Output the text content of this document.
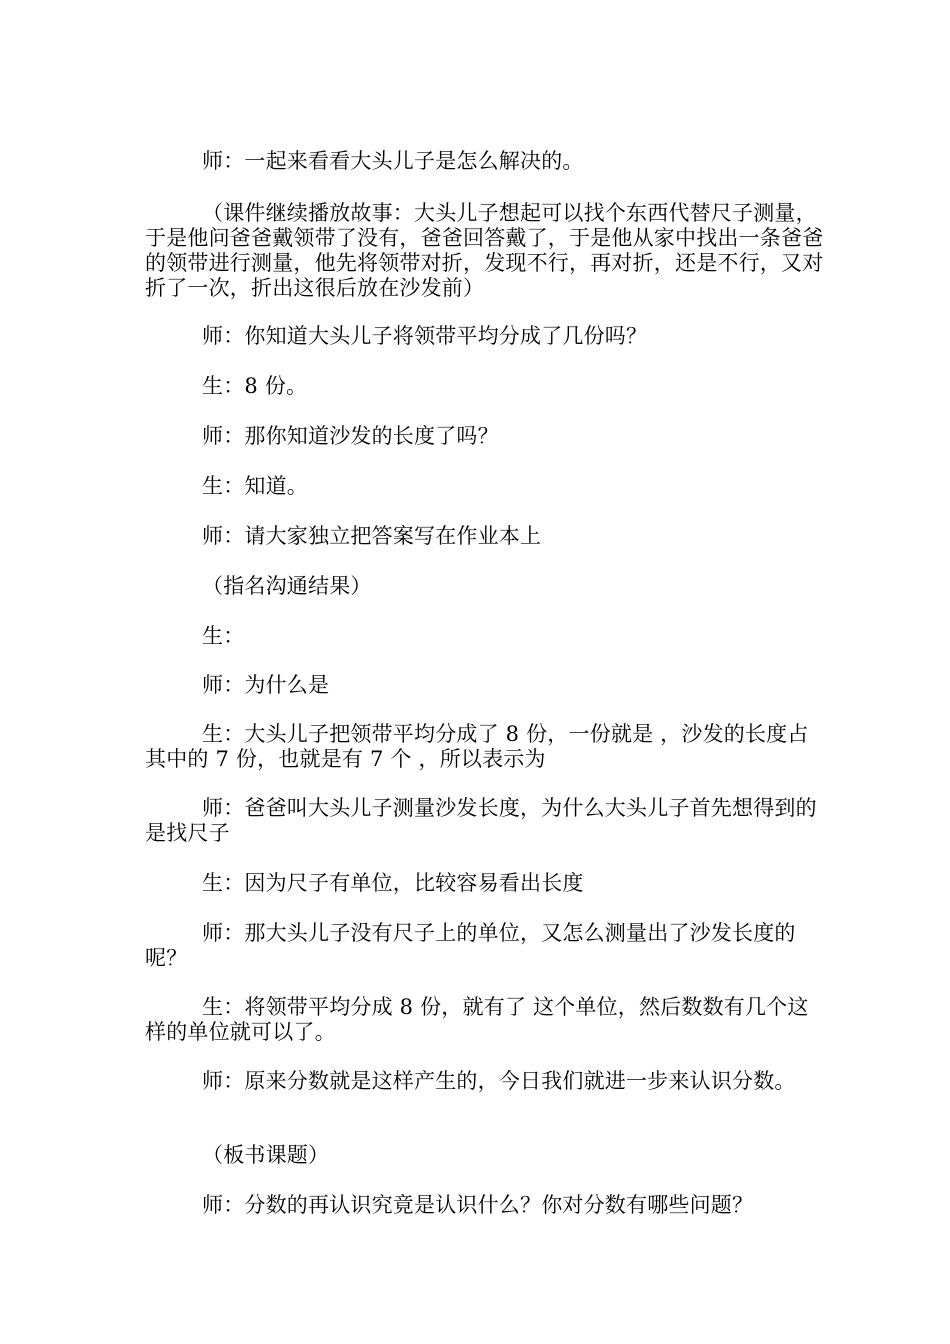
师：一起来看看大头儿子是怎么解决的。

（课件继续播放故事：大头儿子想起可以找个东西代替尺子测量，于是他问爸爸戴领带了没有，爸爸回答戴了，于是他从家中找出一条爸爸的领带进行测量，他先将领带对折，发现不行，再对折，还是不行，又对折了一次，折出这很后放在沙发前）

师：你知道大头儿子将领带平均分成了几份吗？

生：8 份。

师：那你知道沙发的长度了吗？

生：知道。

师：请大家独立把答案写在作业本上

（指名沟通结果）

生：

师：为什么是

生：大头儿子把领带平均分成了 8 份，一份就是 ，沙发的长度占其中的 7 份，也就是有 7 个 ，所以表示为

师：爸爸叫大头儿子测量沙发长度，为什么大头儿子首先想得到的是找尺子

生：因为尺子有单位，比较容易看出长度

师：那大头儿子没有尺子上的单位，又怎么测量出了沙发长度的呢？

生：将领带平均分成 8 份，就有了 这个单位，然后数数有几个这样的单位就可以了。

师：原来分数就是这样产生的，今日我们就进一步来认识分数。

（板书课题）

师：分数的再认识究竟是认识什么？你对分数有哪些问题？
